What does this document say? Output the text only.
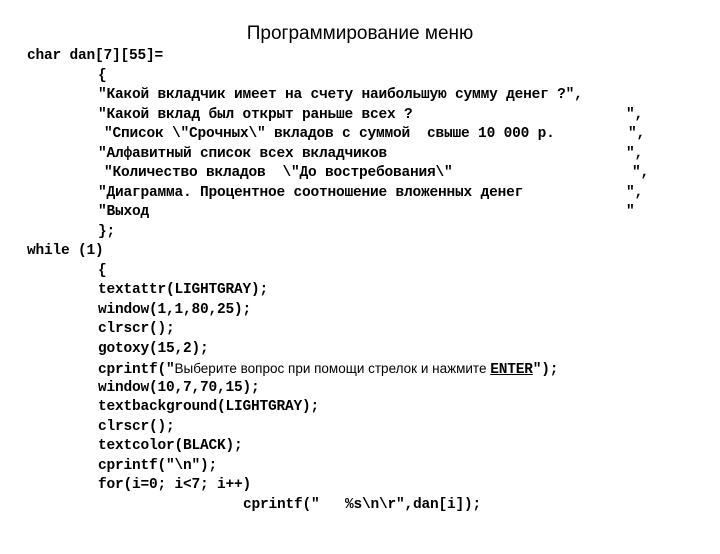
Программирование меню

char dan[7][55]=

{

"Какой вкладчик имеет на счету наибольшую сумму денег ?",

"Какой вклад был открыт раньше всех ?

	",

"Список \"Срочных\" вкладов с суммой  свыше 10 000 р.

	",

"Алфавитный список всех вкладчиков

	",

"Количество вкладов  \"До востребования\"

	",

"Диаграмма. Процентное соотношение вложенных денег

	",

"Выход

	"

};

while (1)

{

textattr(LIGHTGRAY);

window(1,1,80,25);

clrscr();

gotoxy(15,2);

cprintf("Выберите вопрос при помощи стрелок и нажмите ENTER");

window(10,7,70,15);

textbackground(LIGHTGRAY);

clrscr();

textcolor(BLACK);

cprintf("\n");

for(i=0; i<7; i++)

cprintf("   %s\n\r",dan[i]);
